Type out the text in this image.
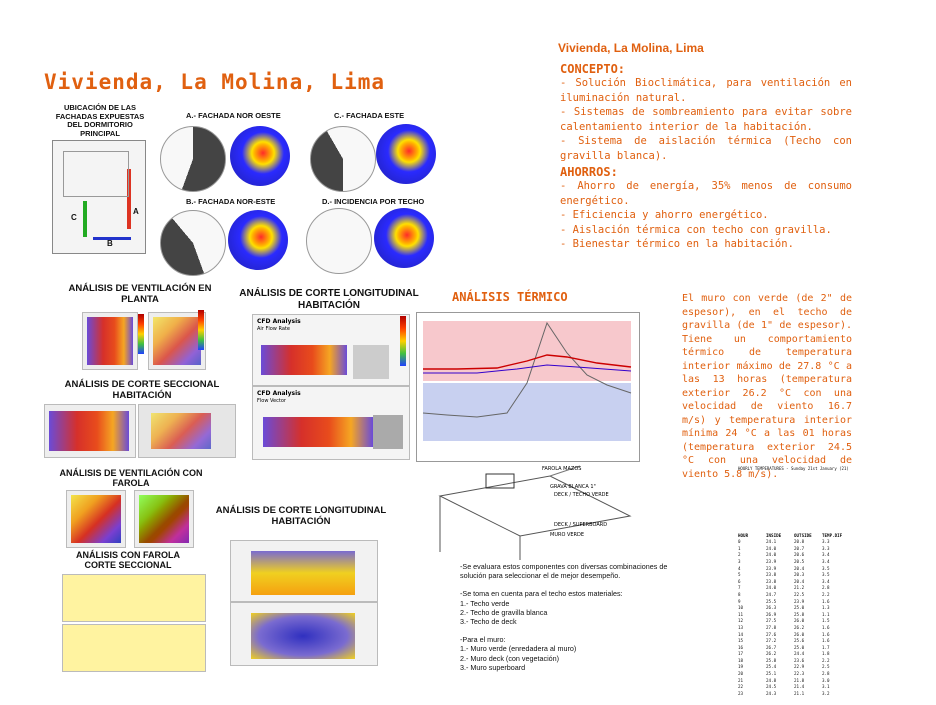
Vivienda, La Molina, Lima
Vivienda, La Molina, Lima
CONCEPTO:
- Solución Bioclimática, para ventilación en iluminación natural.
- Sistemas de sombreamiento para evitar sobre calentamiento interior de la habitación.
- Sistema de aislación térmica (Techo con gravilla blanca).
AHORROS:
- Ahorro de energía, 35% menos de consumo energético.
- Eficiencia y ahorro energético.
- Aislación térmica con techo con gravilla.
- Bienestar térmico en la habitación.
UBICACIÓN DE LAS FACHADAS EXPUESTAS DEL DORMITORIO PRINCIPAL
C
A
B
A.- FACHADA NOR OESTE	C.- FACHADA ESTE
B.- FACHADA NOR-ESTE	D.- INCIDENCIA POR TECHO
ANÁLISIS DE VENTILACIÓN EN PLANTA
ANÁLISIS DE CORTE LONGITUDINAL HABITACIÓN
ANÁLISIS DE CORTE SECCIONAL HABITACIÓN
ANÁLISIS DE VENTILACIÓN CON FAROLA
ANÁLISIS CON FAROLA CORTE SECCIONAL
ANÁLISIS DE CORTE LONGITUDINAL HABITACIÓN
CFD Analysis
Air Flow Rate
CFD Analysis
Flow Vector
ANÁLISIS TÉRMICO	El muro con verde (de 2" de espesor), en el techo de gravilla (de 1" de espesor). Tiene un comportamiento térmico de temperatura interior máximo de 27.8 °C a las 13 horas (temperatura exterior 26.2 °C con una velocidad de viento 16.7 m/s) y temperatura interior mínima 24 °C a las 01 horas (temperatura exterior 24.5 °C con una velocidad de viento 5.8 m/s).
FAROLA MAZOS
GRAVA BLANCA 1"
DECK / TECHO VERDE
DECK / SUPERBOARD
MURO VERDE
-Se evaluara estos componentes con diversas combinaciones de solución para seleccionar el de mejor desempeño.
-Se toma en cuenta para el techo estos materiales:
1.- Techo verde
2.- Techo de gravilla blanca
3.- Techo de deck
-Para el muro:
1.- Muro verde (enredadera al muro)
2.- Muro deck (con vegetación)
3.- Muro superboard
HOURLY TEMPERATURES - Sunday 21st January (21)
HOUR	INSIDE	OUTSIDE	TEMP.DIF
0	24.1	20.8	3.3
1	24.0	20.7	3.3
2	24.0	20.6	3.4
3	23.9	20.5	3.4
4	23.9	20.4	3.5
5	23.8	20.3	3.5
6	23.8	20.4	3.4
7	24.0	21.2	2.8
8	24.7	22.5	2.2
9	25.5	23.9	1.6
10	26.3	25.0	1.3
11	26.9	25.8	1.1
12	27.5	26.0	1.5
13	27.8	26.2	1.6
14	27.6	26.0	1.6
15	27.2	25.6	1.6
16	26.7	25.0	1.7
17	26.2	24.4	1.8
18	25.8	23.6	2.2
19	25.4	22.9	2.5
20	25.1	22.3	2.8
21	24.8	21.8	3.0
22	24.5	21.4	3.1
23	24.3	21.1	3.2
